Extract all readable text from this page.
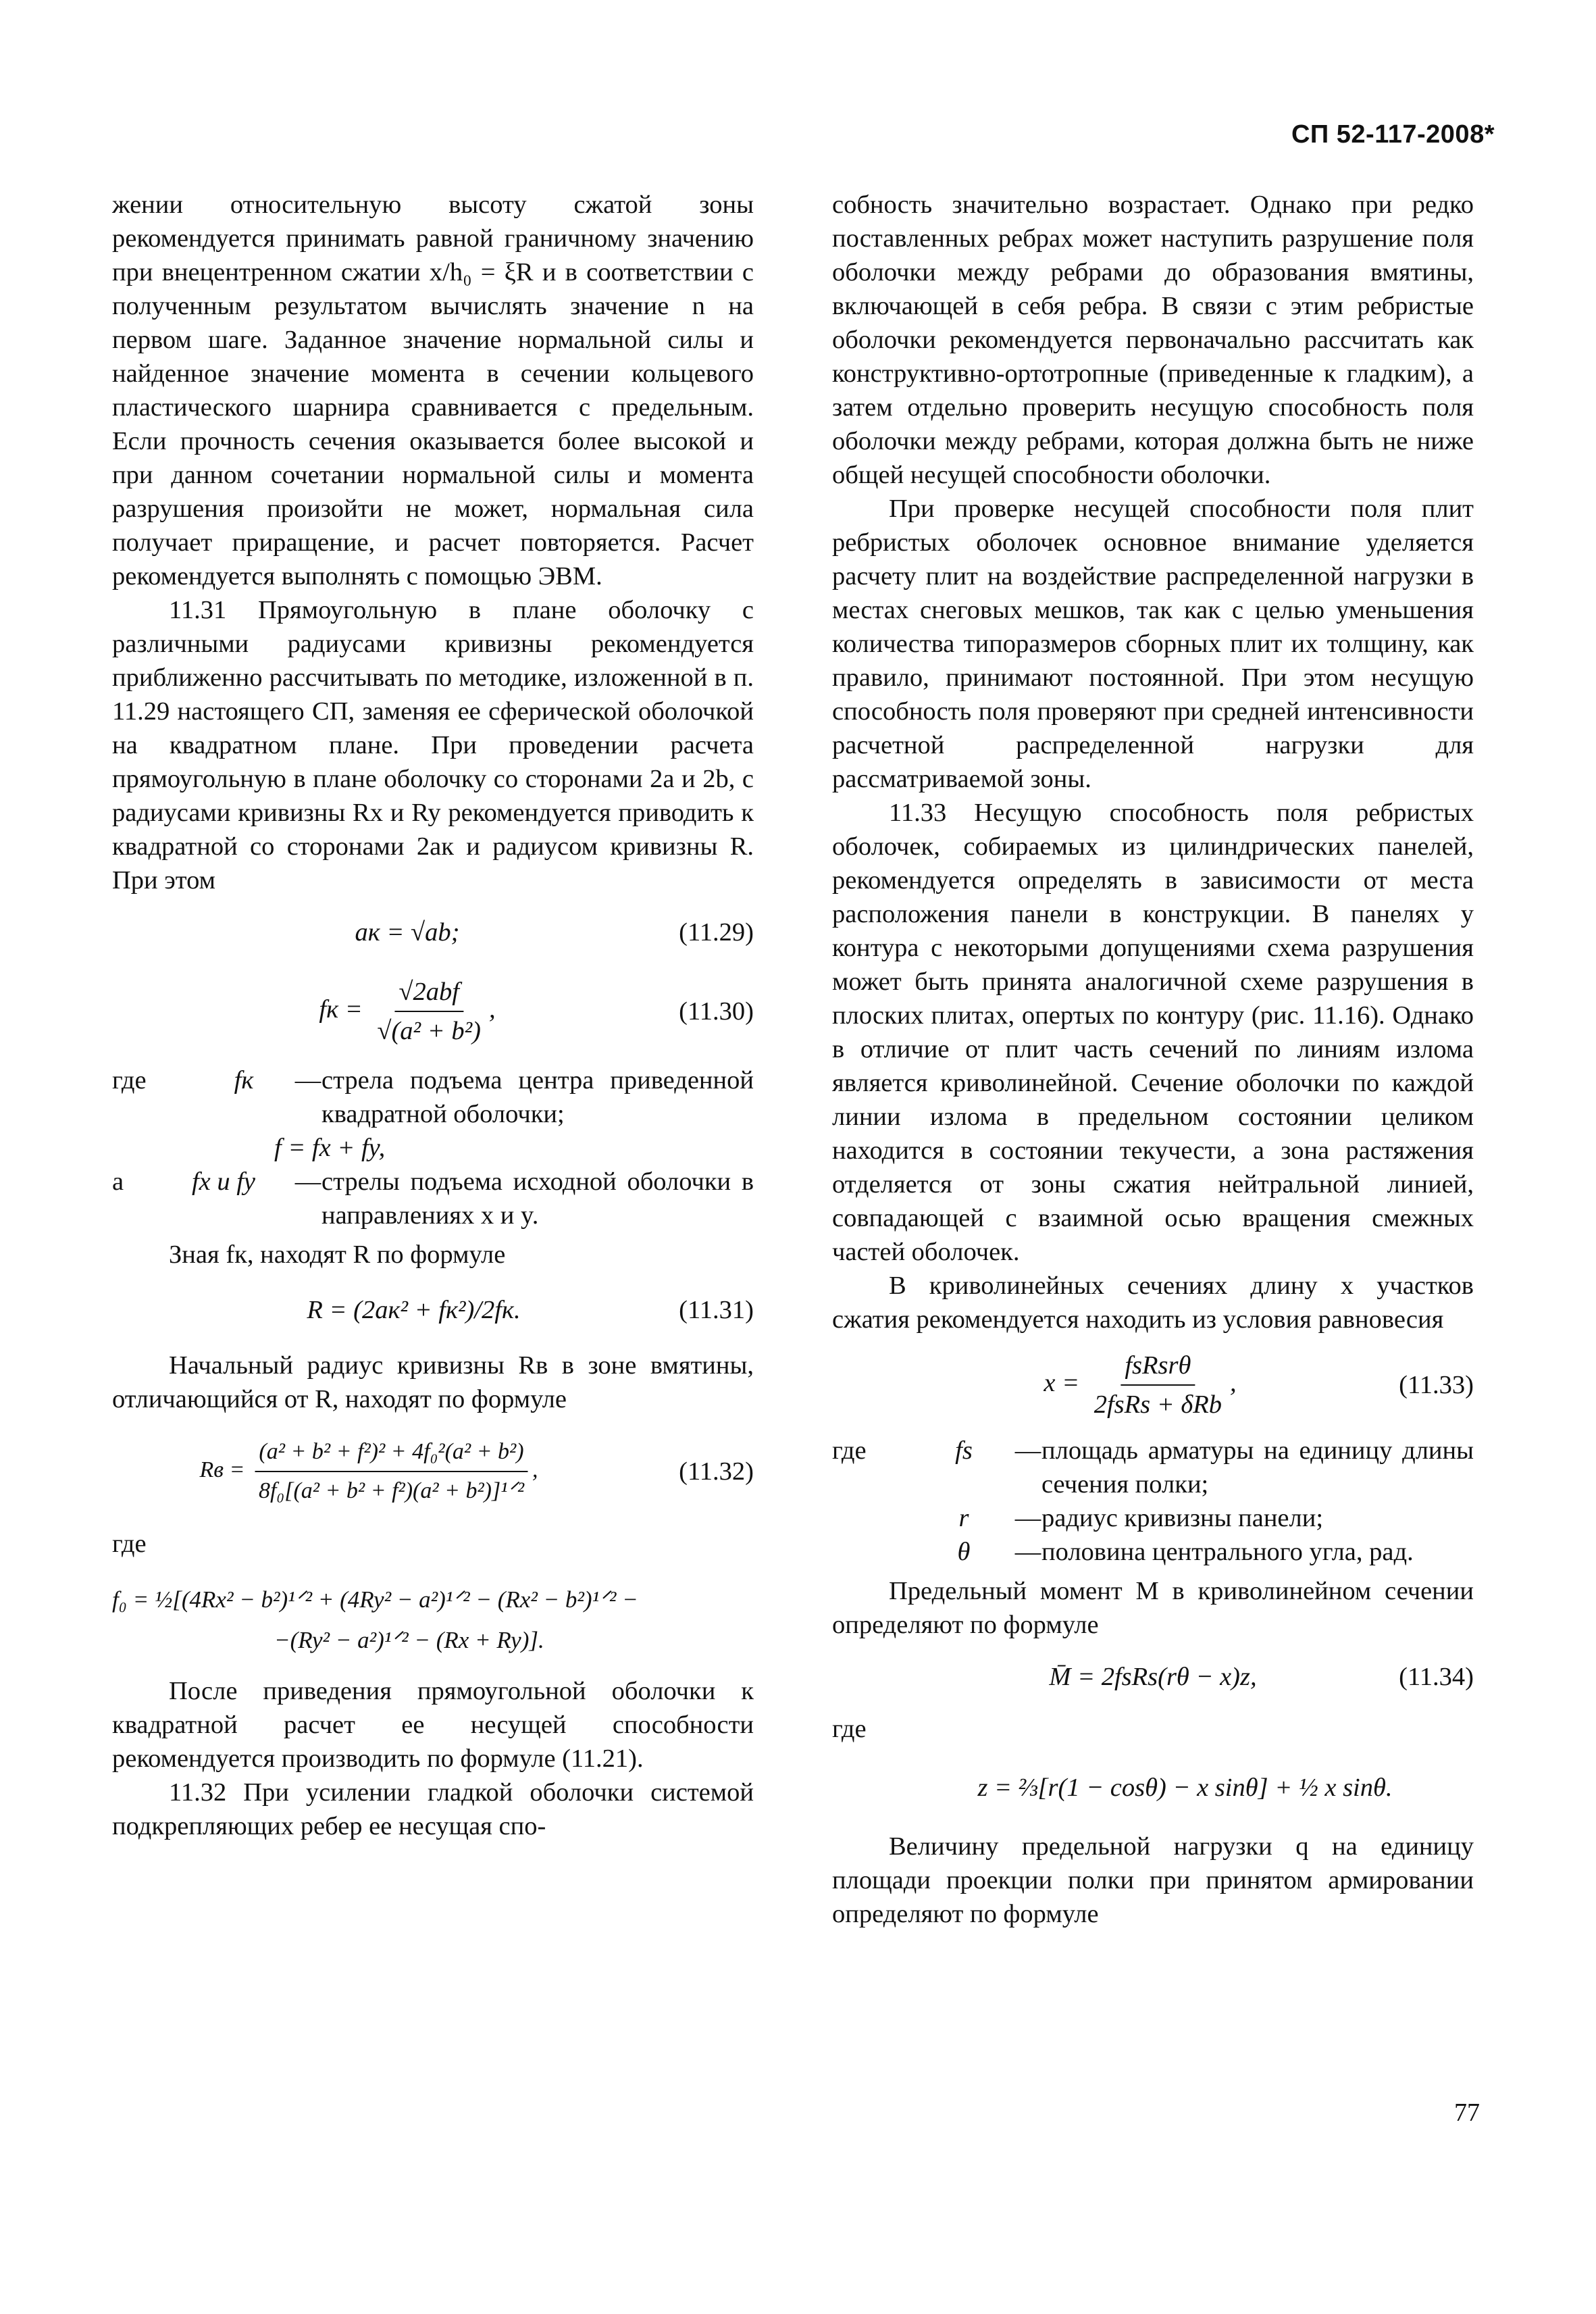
СП 52-117-2008*

жении относительную высоту сжатой зоны рекомендуется принимать равной граничному значению при внецентренном сжатии x/h₀ = ξR и в соответствии с полученным результатом вычислять значение n на первом шаге. Заданное значение нормальной силы и найденное значение момента в сечении кольцевого пластического шарнира сравнивается с предельным. Если прочность сечения оказывается более высокой и при данном сочетании нормальной силы и момента разрушения произойти не может, нормальная сила получает приращение, и расчет повторяется. Расчет рекомендуется выполнять с помощью ЭВМ.

11.31 Прямоугольную в плане оболочку с различными радиусами кривизны рекомендуется приближенно рассчитывать по методике, изложенной в п. 11.29 настоящего СП, заменяя ее сферической оболочкой на квадратном плане. При проведении расчета прямоугольную в плане оболочку со сторонами 2a и 2b, с радиусами кривизны Rx и Ry рекомендуется приводить к квадратной со сторонами 2aк и радиусом кривизны R. При этом

aк = √ab;	(11.29)
fк = $\frac{\text{√2abf}}{\text{√(a² + b²)}}$ ,	(11.30)
где	fк	— стрела подъема центра приведенной квадратной оболочки;
f = fx + fy,
а	fx и fy	— стрелы подъема исходной оболочки в направлениях x и y.

Зная fк, находят R по формуле

R = (2aк² + fк²)/2fк.	(11.31)

Начальный радиус кривизны Rв в зоне вмятины, отличающийся от R, находят по формуле

Rв = $\frac{\text{(a² + b² + f²)² + 4f₀²(a² + b²)}}{\text{8f₀[(a² + b² + f²)(a² + b²)]¹ᐟ²}}$ ,	(11.32)

где

f₀ = ½[(4Rx² − b²)¹ᐟ² + (4Ry² − a²)¹ᐟ² − (Rx² − b²)¹ᐟ² −
−(Ry² − a²)¹ᐟ² − (Rx + Ry)].

После приведения прямоугольной оболочки к квадратной расчет ее несущей способности рекомендуется производить по формуле (11.21).

11.32 При усилении гладкой оболочки системой подкрепляющих ребер ее несущая спо-

собность значительно возрастает. Однако при редко поставленных ребрах может наступить разрушение поля оболочки между ребрами до образования вмятины, включающей в себя ребра. В связи с этим ребристые оболочки рекомендуется первоначально рассчитать как конструктивно-ортотропные (приведенные к гладким), а затем отдельно проверить несущую способность поля оболочки между ребрами, которая должна быть не ниже общей несущей способности оболочки.

При проверке несущей способности поля плит ребристых оболочек основное внимание уделяется расчету плит на воздействие распределенной нагрузки в местах снеговых мешков, так как с целью уменьшения количества типоразмеров сборных плит их толщину, как правило, принимают постоянной. При этом несущую способность поля проверяют при средней интенсивности расчетной распределенной нагрузки для рассматриваемой зоны.

11.33 Несущую способность поля ребристых оболочек, собираемых из цилиндрических панелей, рекомендуется определять в зависимости от места расположения панели в конструкции. В панелях у контура с некоторыми допущениями схема разрушения может быть принята аналогичной схеме разрушения в плоских плитах, опертых по контуру (рис. 11.16). Однако в отличие от плит часть сечений по линиям излома является криволинейной. Сечение оболочки по каждой линии излома в предельном состоянии целиком находится в состоянии текучести, а зона растяжения отделяется от зоны сжатия нейтральной линией, совпадающей с взаимной осью вращения смежных частей оболочек.

В криволинейных сечениях длину x участков сжатия рекомендуется находить из условия равновесия

$x = \frac{\text{fsRsrθ}}{\text{2fsRs + δRb}}$ ,	(11.33)
где	fs	— площадь арматуры на единицу длины сечения полки;
r	— радиус кривизны панели;
θ	— половина центрального угла, рад.

Предельный момент M в криволинейном сечении определяют по формуле

M̄ = 2fsRs(rθ − x)z,	(11.34)

где

z = ⅔[r(1 − cosθ) − x sinθ] + ½ x sinθ.

Величину предельной нагрузки q на единицу площади проекции полки при принятом армировании определяют по формуле

77
